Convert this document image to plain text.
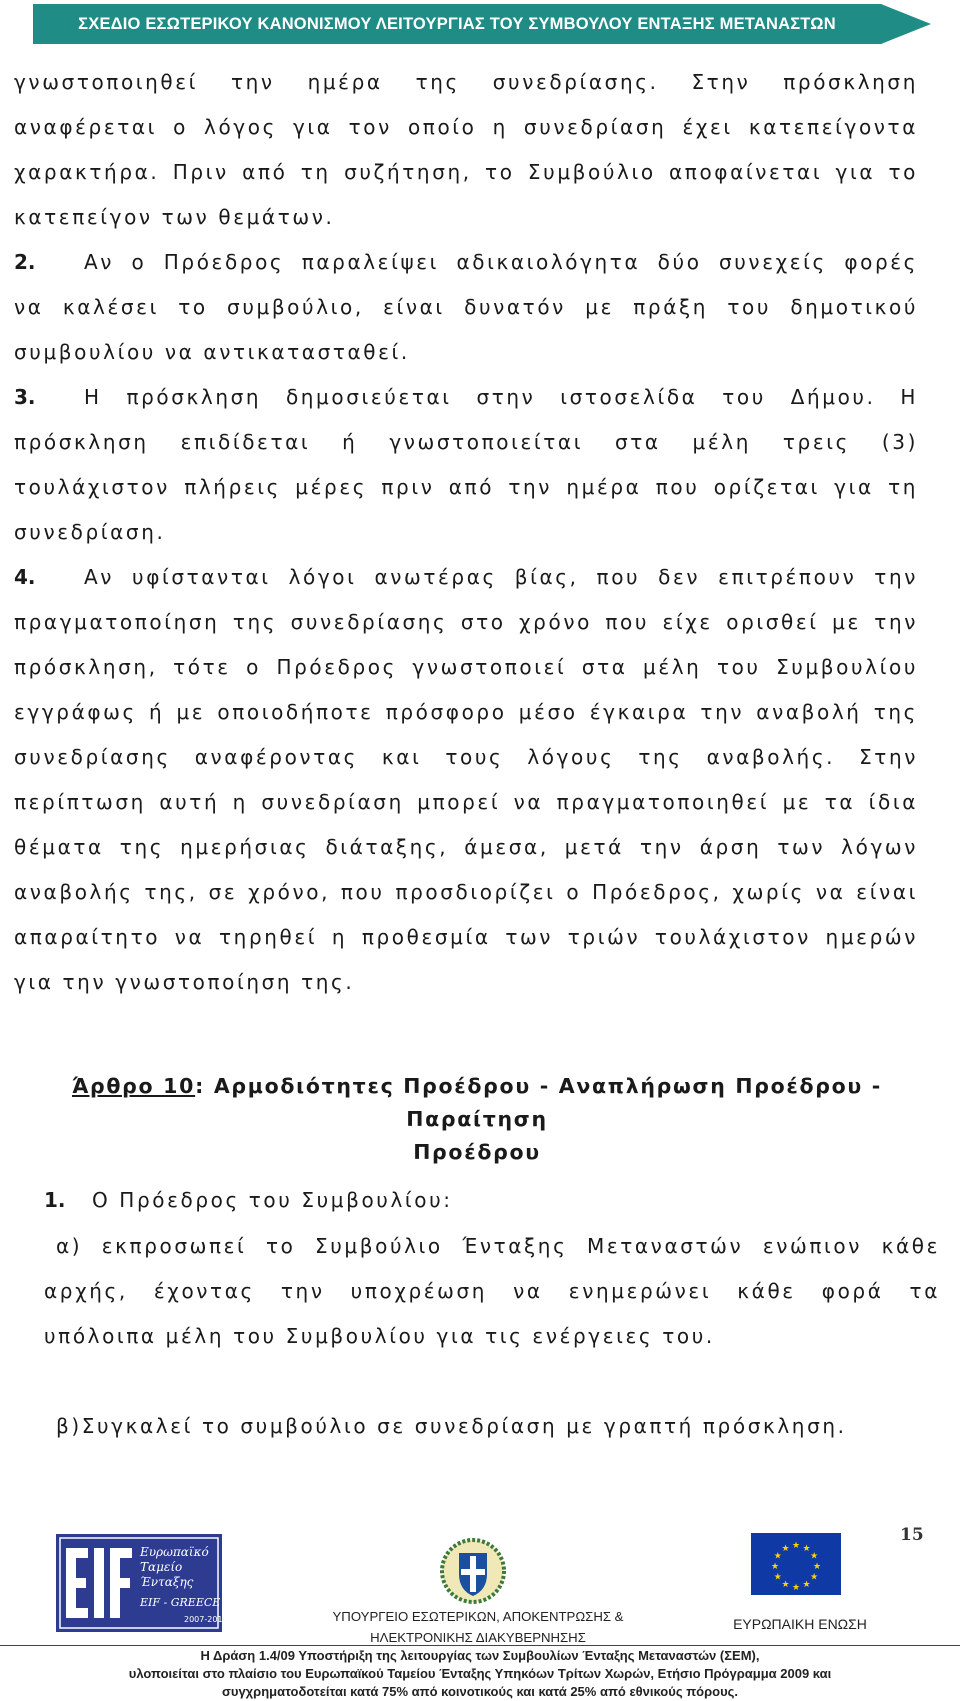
ΣΧΕΔΙΟ ΕΣΩΤΕΡΙΚΟΥ ΚΑΝΟΝΙΣΜΟΥ ΛΕΙΤΟΥΡΓΙΑΣ ΤΟΥ ΣΥΜΒΟΥΛΟΥ ΕΝΤΑΞΗΣ ΜΕΤΑΝΑΣΤΩΝ
γνωστοποιηθεί την ημέρα της συνεδρίασης. Στην πρόσκληση
αναφέρεται ο λόγος για τον οποίο η συνεδρίαση έχει κατεπείγοντα
χαρακτήρα. Πριν από τη συζήτηση, το Συμβούλιο αποφαίνεται για το
κατεπείγον των θεμάτων.
2. Αν ο Πρόεδρος παραλείψει αδικαιολόγητα δύο συνεχείς φορές
να καλέσει το συμβούλιο, είναι δυνατόν με πράξη του δημοτικού
συμβουλίου να αντικατασταθεί.
3. Η πρόσκληση δημοσιεύεται στην ιστοσελίδα του Δήμου. Η
πρόσκληση επιδίδεται ή γνωστοποιείται στα μέλη τρεις (3)
τουλάχιστον πλήρεις μέρες πριν από την ημέρα που ορίζεται για τη
συνεδρίαση.
4. Αν υφίστανται λόγοι ανωτέρας βίας, που δεν επιτρέπουν την
πραγματοποίηση της συνεδρίασης στο χρόνο που είχε ορισθεί με την
πρόσκληση, τότε ο Πρόεδρος γνωστοποιεί στα μέλη του Συμβουλίου
εγγράφως ή με οποιοδήποτε πρόσφορο μέσο έγκαιρα την αναβολή της
συνεδρίασης αναφέροντας και τους λόγους της αναβολής. Στην
περίπτωση αυτή η συνεδρίαση μπορεί να πραγματοποιηθεί με τα ίδια
θέματα της ημερήσιας διάταξης, άμεσα, μετά την άρση των λόγων
αναβολής της, σε χρόνο, που προσδιορίζει ο Πρόεδρος, χωρίς να είναι
απαραίτητο να τηρηθεί η προθεσμία των τριών τουλάχιστον ημερών
για την γνωστοποίηση της.
Άρθρο 10: Αρμοδιότητες Προέδρου - Αναπλήρωση Προέδρου - Παραίτηση
Προέδρου
1. Ο Πρόεδρος του Συμβουλίου:
α) εκπροσωπεί το Συμβούλιο Ένταξης Μεταναστών ενώπιον κάθε
αρχής, έχοντας την υποχρέωση να ενημερώνει κάθε φορά τα
υπόλοιπα μέλη του Συμβουλίου για τις ενέργειες του.
β)Συγκαλεί το συμβούλιο σε συνεδρίαση με γραπτή πρόσκληση.
15
Ευρωπαϊκό
Ταμείο
Ένταξης
EIF - GREECE
2007-2013	ΥΠΟΥΡΓΕΙΟ ΕΣΩΤΕΡΙΚΩΝ, ΑΠΟΚΕΝΤΡΩΣΗΣ &
ΗΛΕΚΤΡΟΝΙΚΗΣ ΔΙΑΚΥΒΕΡΝΗΣΗΣ
★ ★
★
★
★
★
★
★
★
★
★
★
ΕΥΡΩΠΑΙΚΗ ΕΝΩΣΗ
Η Δράση 1.4/09 Υποστήριξη της λειτουργίας των Συμβουλίων Ένταξης Μεταναστών (ΣΕΜ),
υλοποιείται στο πλαίσιο του Ευρωπαϊκού Ταμείου Ένταξης Υπηκόων Τρίτων Χωρών, Ετήσιο Πρόγραμμα 2009 και
συγχρηματοδοτείται κατά 75% από κοινοτικούς και κατά 25% από εθνικούς πόρους.
